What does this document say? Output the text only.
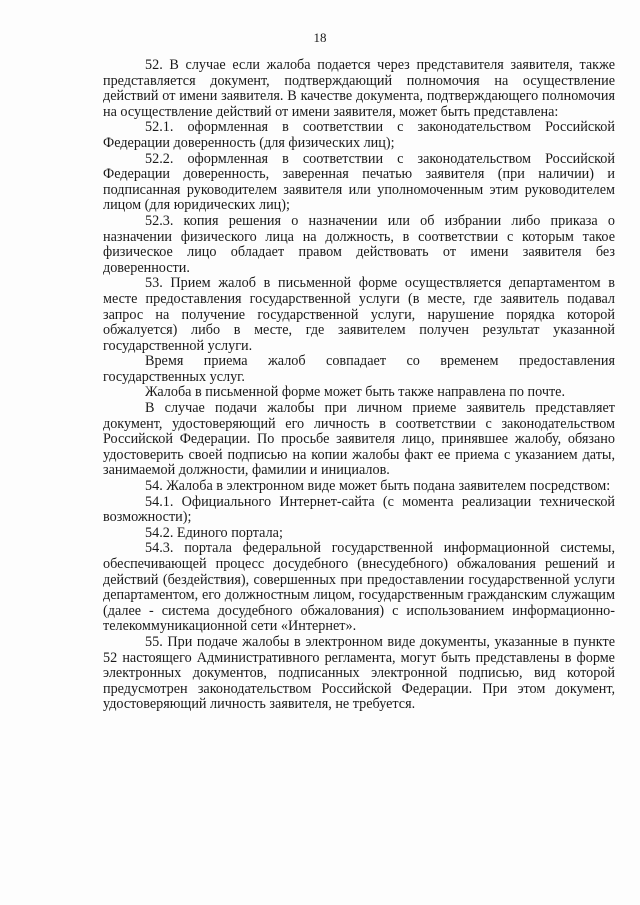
18

52. В случае если жалоба подается через представителя заявителя, также представляется документ, подтверждающий полномочия на осуществление действий от имени заявителя. В качестве документа, подтверждающего полномочия на осуществление действий от имени заявителя, может быть представлена:

52.1. оформленная в соответствии с законодательством Российской Федерации доверенность (для физических лиц);

52.2. оформленная в соответствии с законодательством Российской Федерации доверенность, заверенная печатью заявителя (при наличии) и подписанная руководителем заявителя или уполномоченным этим руководителем лицом (для юридических лиц);

52.3. копия решения о назначении или об избрании либо приказа о назначении физического лица на должность, в соответствии с которым такое физическое лицо обладает правом действовать от имени заявителя без доверенности.

53. Прием жалоб в письменной форме осуществляется департаментом в месте предоставления государственной услуги (в месте, где заявитель подавал запрос на получение государственной услуги, нарушение порядка которой обжалуется) либо в месте, где заявителем получен результат указанной государственной услуги.

Время приема жалоб совпадает со временем предоставления государственных услуг.

Жалоба в письменной форме может быть также направлена по почте.

В случае подачи жалобы при личном приеме заявитель представляет документ, удостоверяющий его личность в соответствии с законодательством Российской Федерации. По просьбе заявителя лицо, принявшее жалобу, обязано удостоверить своей подписью на копии жалобы факт ее приема с указанием даты, занимаемой должности, фамилии и инициалов.

54. Жалоба в электронном виде может быть подана заявителем посредством:

54.1. Официального Интернет-сайта (с момента реализации технической возможности);

54.2. Единого портала;

54.3. портала федеральной государственной информационной системы, обеспечивающей процесс досудебного (внесудебного) обжалования решений и действий (бездействия), совершенных при предоставлении государственной услуги департаментом, его должностным лицом, государственным гражданским служащим (далее - система досудебного обжалования) с использованием информационно-телекоммуникационной сети «Интернет».

55. При подаче жалобы в электронном виде документы, указанные в пункте 52 настоящего Административного регламента, могут быть представлены в форме электронных документов, подписанных электронной подписью, вид которой предусмотрен законодательством Российской Федерации. При этом документ, удостоверяющий личность заявителя, не требуется.
